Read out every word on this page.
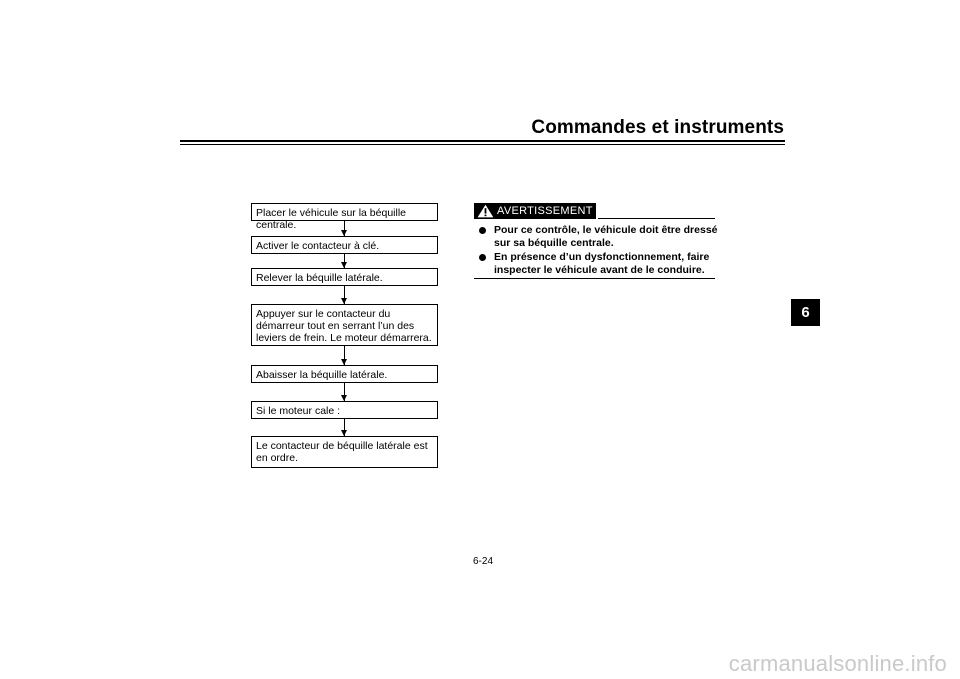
Commandes et instruments
6
Placer le véhicule sur la béquille centrale.
Activer le contacteur à clé.
Relever la béquille latérale.
Appuyer sur le contacteur du démarreur tout en serrant l’un des leviers de frein. Le moteur démarrera.
Abaisser la béquille latérale.
Si le moteur cale :
Le contacteur de béquille latérale est en ordre.
AVERTISSEMENT
Pour ce contrôle, le véhicule doit être dressé sur sa béquille centrale.
En présence d’un dysfonctionnement, faire inspecter le véhicule avant de le conduire.
6-24
carmanualsonline.info
